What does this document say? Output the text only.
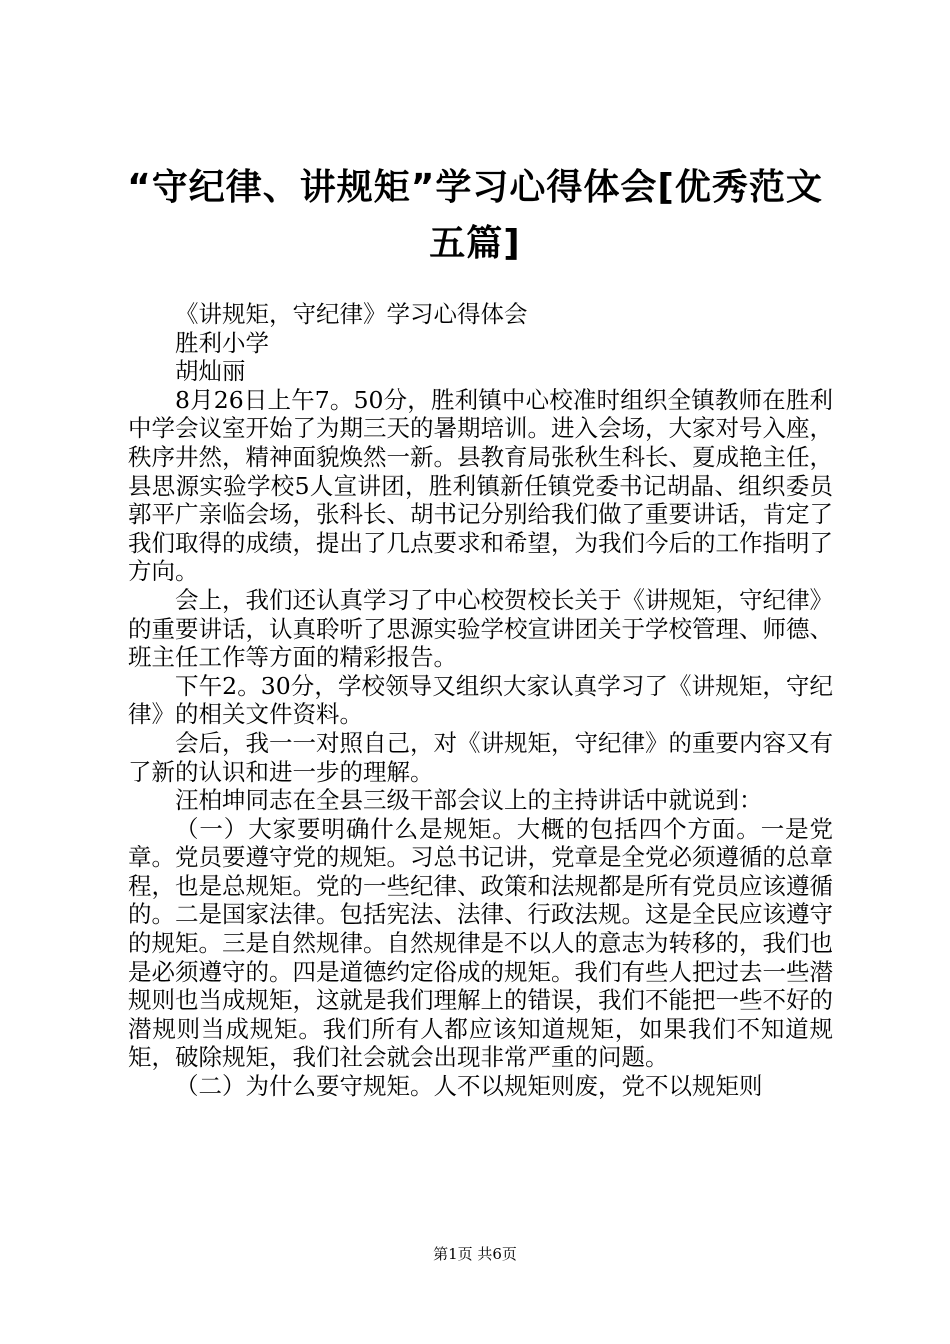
“守纪律、讲规矩”学习心得体会[优秀范文五篇]

《讲规矩，守纪律》学习心得体会

胜利小学

胡灿丽

8月26日上午7。50分，胜利镇中心校准时组织全镇教师在胜利中学会议室开始了为期三天的暑期培训。进入会场，大家对号入座，秩序井然，精神面貌焕然一新。县教育局张秋生科长、夏成艳主任，县思源实验学校5人宣讲团，胜利镇新任镇党委书记胡晶、组织委员郭平广亲临会场，张科长、胡书记分别给我们做了重要讲话，肯定了我们取得的成绩，提出了几点要求和希望，为我们今后的工作指明了方向。

会上，我们还认真学习了中心校贺校长关于《讲规矩，守纪律》的重要讲话，认真聆听了思源实验学校宣讲团关于学校管理、师德、班主任工作等方面的精彩报告。

下午2。30分，学校领导又组织大家认真学习了《讲规矩，守纪律》的相关文件资料。

会后，我一一对照自己，对《讲规矩，守纪律》的重要内容又有了新的认识和进一步的理解。

汪柏坤同志在全县三级干部会议上的主持讲话中就说到：

（一）大家要明确什么是规矩。大概的包括四个方面。一是党章。党员要遵守党的规矩。习总书记讲，党章是全党必须遵循的总章程，也是总规矩。党的一些纪律、政策和法规都是所有党员应该遵循的。二是国家法律。包括宪法、法律、行政法规。这是全民应该遵守的规矩。三是自然规律。自然规律是不以人的意志为转移的，我们也是必须遵守的。四是道德约定俗成的规矩。我们有些人把过去一些潜规则也当成规矩，这就是我们理解上的错误，我们不能把一些不好的潜规则当成规矩。我们所有人都应该知道规矩，如果我们不知道规矩，破除规矩，我们社会就会出现非常严重的问题。

（二）为什么要守规矩。人不以规矩则废，党不以规矩则

第1页 共6页
